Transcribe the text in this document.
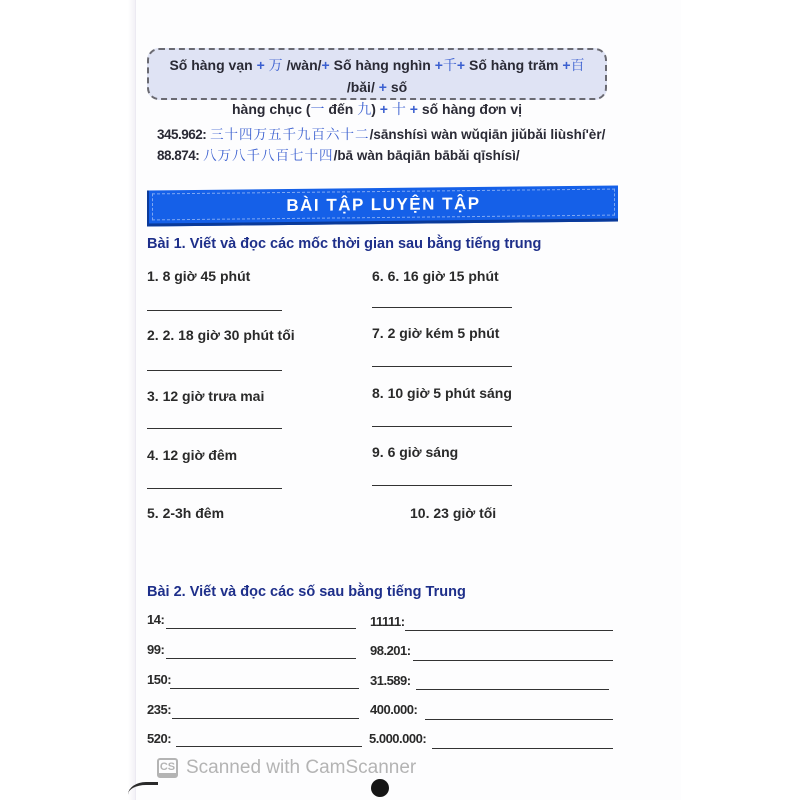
Số hàng vạn + 万 /wàn/+ Số hàng nghìn +千+ Số hàng trăm +百 /bǎi/ + số
hàng chục (一 đến 九) + 十 + số hàng đơn vị
345.962: 三十四万五千九百六十二/sānshísì wàn wǔqiān jiǔbǎi liùshí'èr/
88.874: 八万八千八百七十四/bā wàn bāqiān bābǎi qīshísì/
BÀI TẬP LUYỆN TẬP
Bài 1. Viết và đọc các mốc thời gian sau bằng tiếng trung
1. 8 giờ 45 phút
2. 2. 18 giờ 30 phút tối
3. 12 giờ trưa mai
4. 12 giờ đêm
5. 2-3h đêm
6. 6. 16 giờ 15 phút
7. 2 giờ kém 5 phút
8. 10 giờ 5 phút sáng
9. 6 giờ sáng
10. 23 giờ tối
Bài 2. Viết và đọc các số sau bằng tiếng Trung
14:
99:
150:
235:
520:
11111:
98.201:
31.589:
400.000:
5.000.000:
CS Scanned with CamScanner
